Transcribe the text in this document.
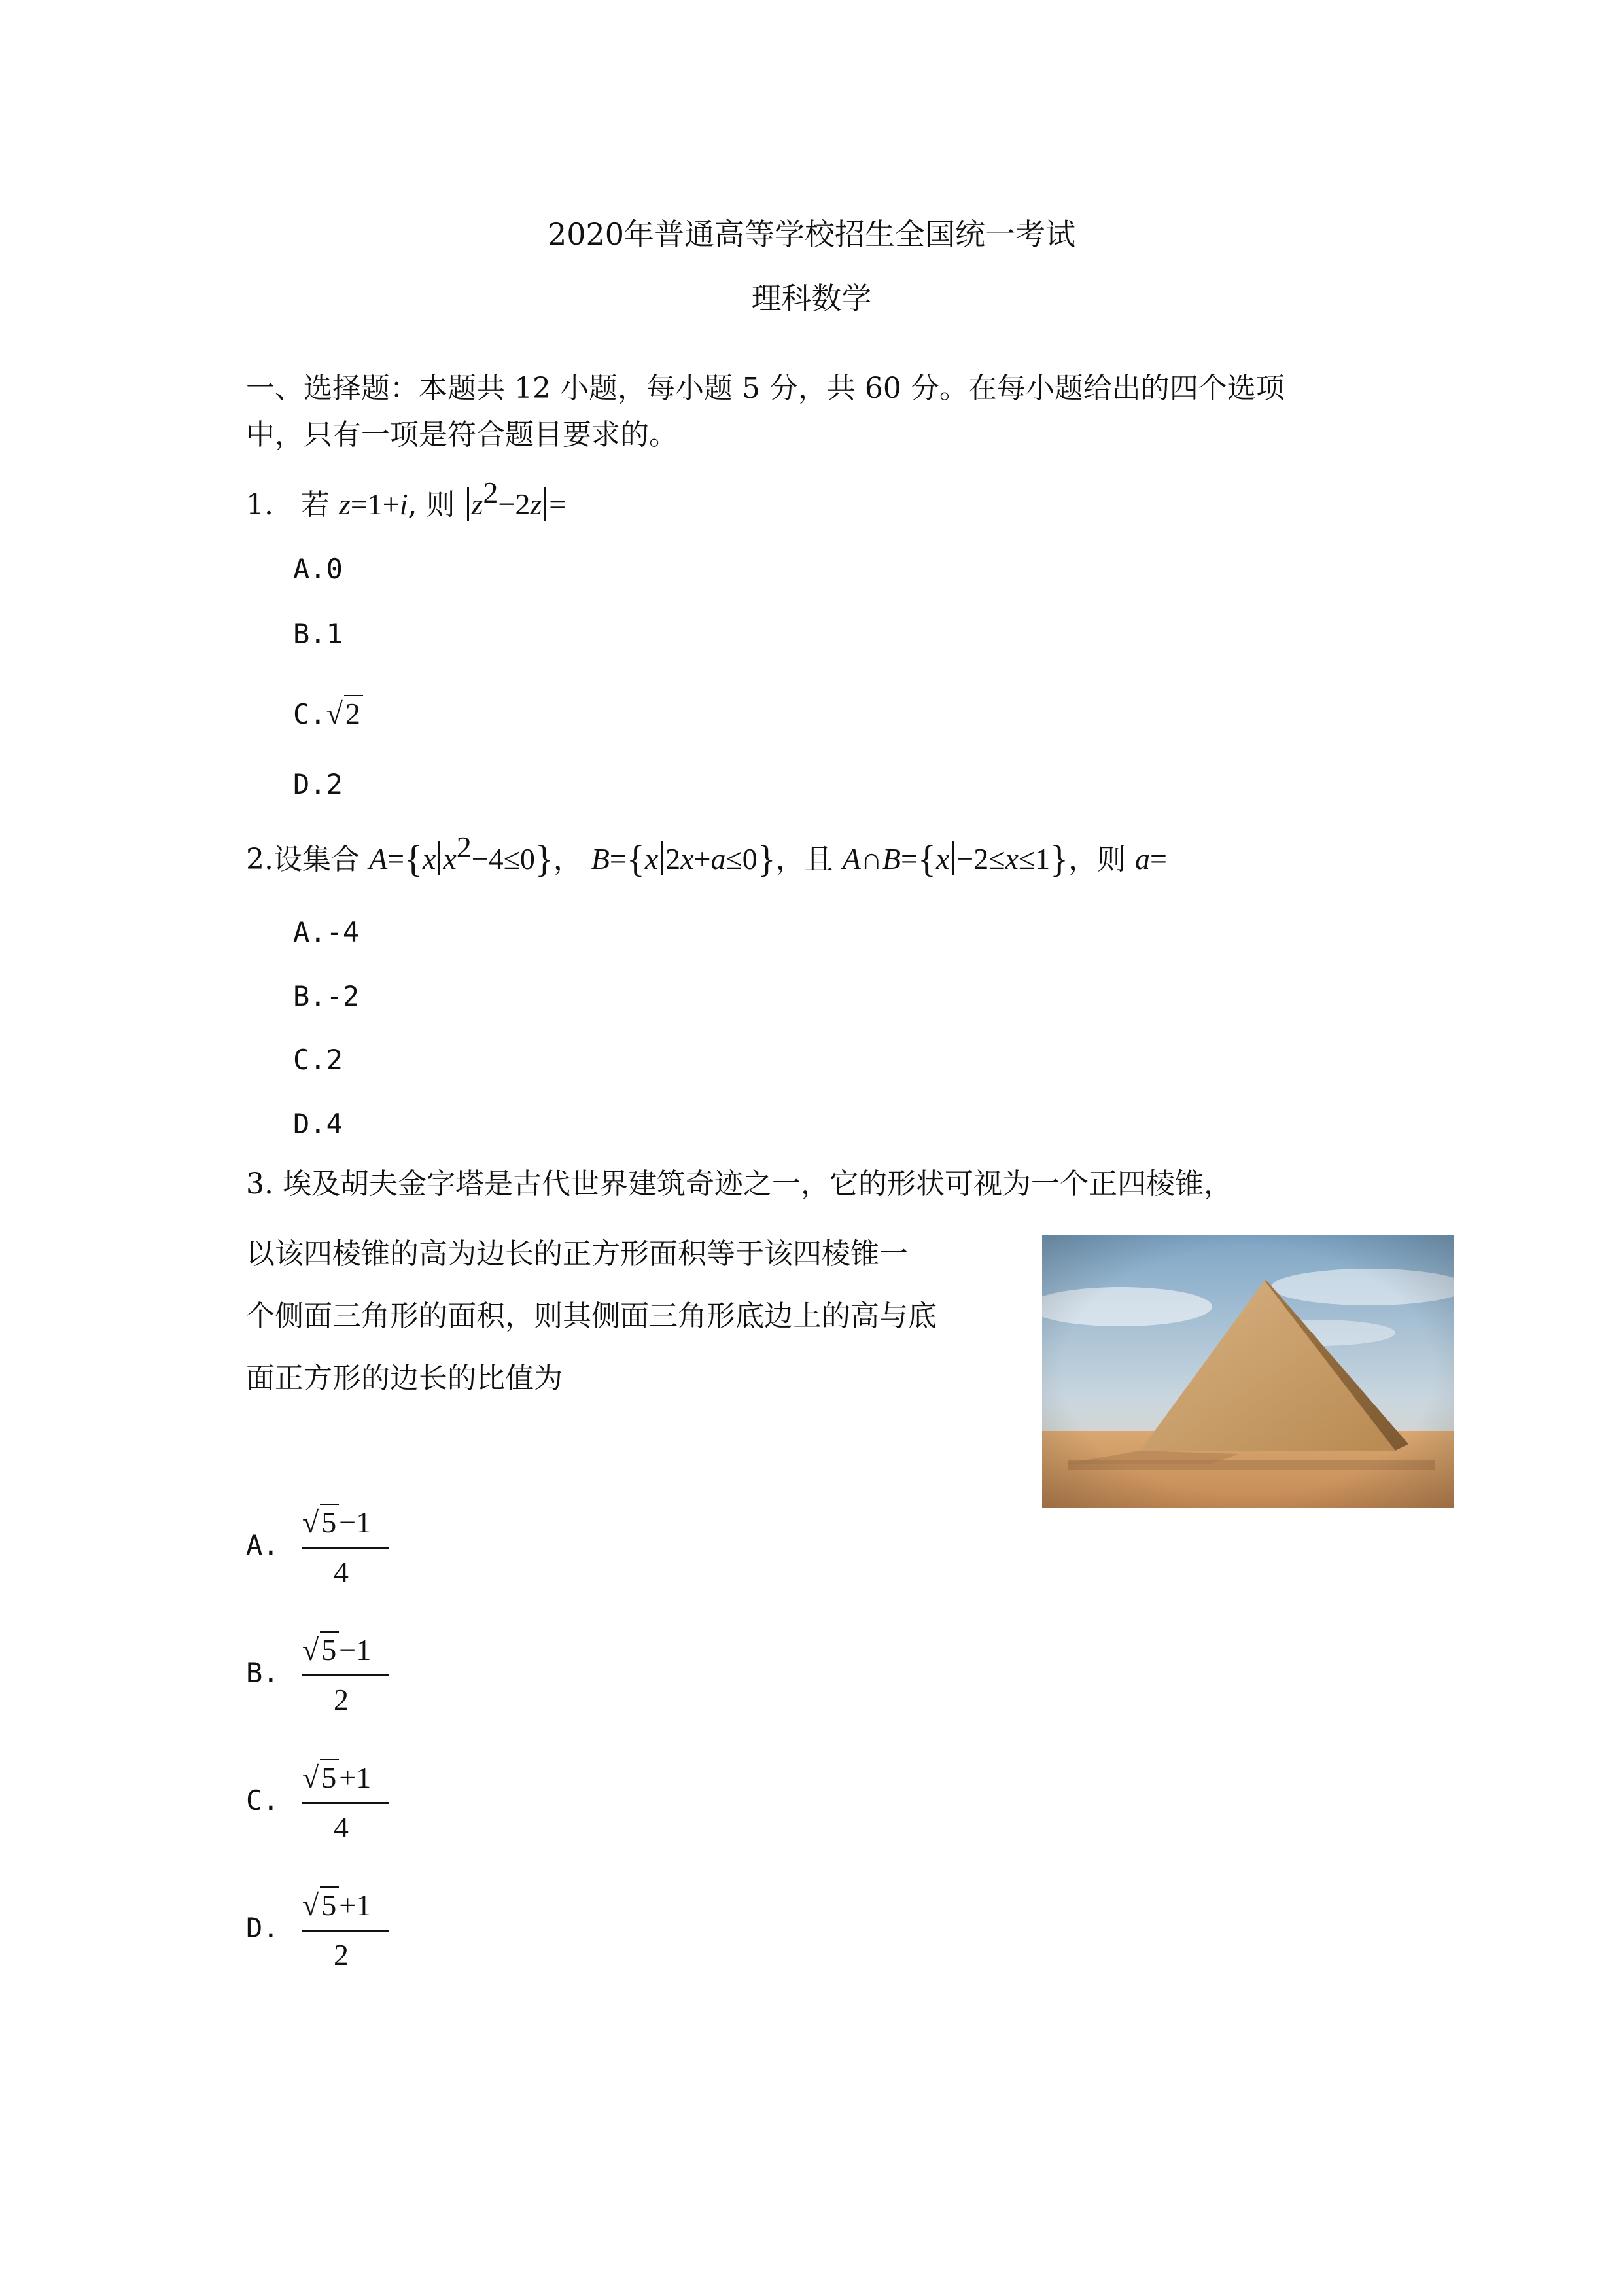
2020年普通高等学校招生全国统一考试
理科数学
一、选择题：本题共 12 小题，每小题 5 分，共 60 分。在每小题给出的四个选项
中，只有一项是符合题目要求的。
1. 若 z=1+i, 则 $z^2-2z$ =
A.0
B.1
C.√2
D.2
2.设集合 A={x $x^2-4\le 0$}， B={x 2x+a≤0}，且 A∩B={x −2≤x≤1}，则 a=
A.-4
B.-2
C.2
D.4
3. 埃及胡夫金字塔是古代世界建筑奇迹之一，它的形状可视为一个正四棱锥，
以该四棱锥的高为边长的正方形面积等于该四棱锥一
个侧面三角形的面积，则其侧面三角形底边上的高与底
面正方形的边长的比值为
A.
√5−1
4
B.
√5−1
2
C.
√5+1
4
D.
√5+1
2
